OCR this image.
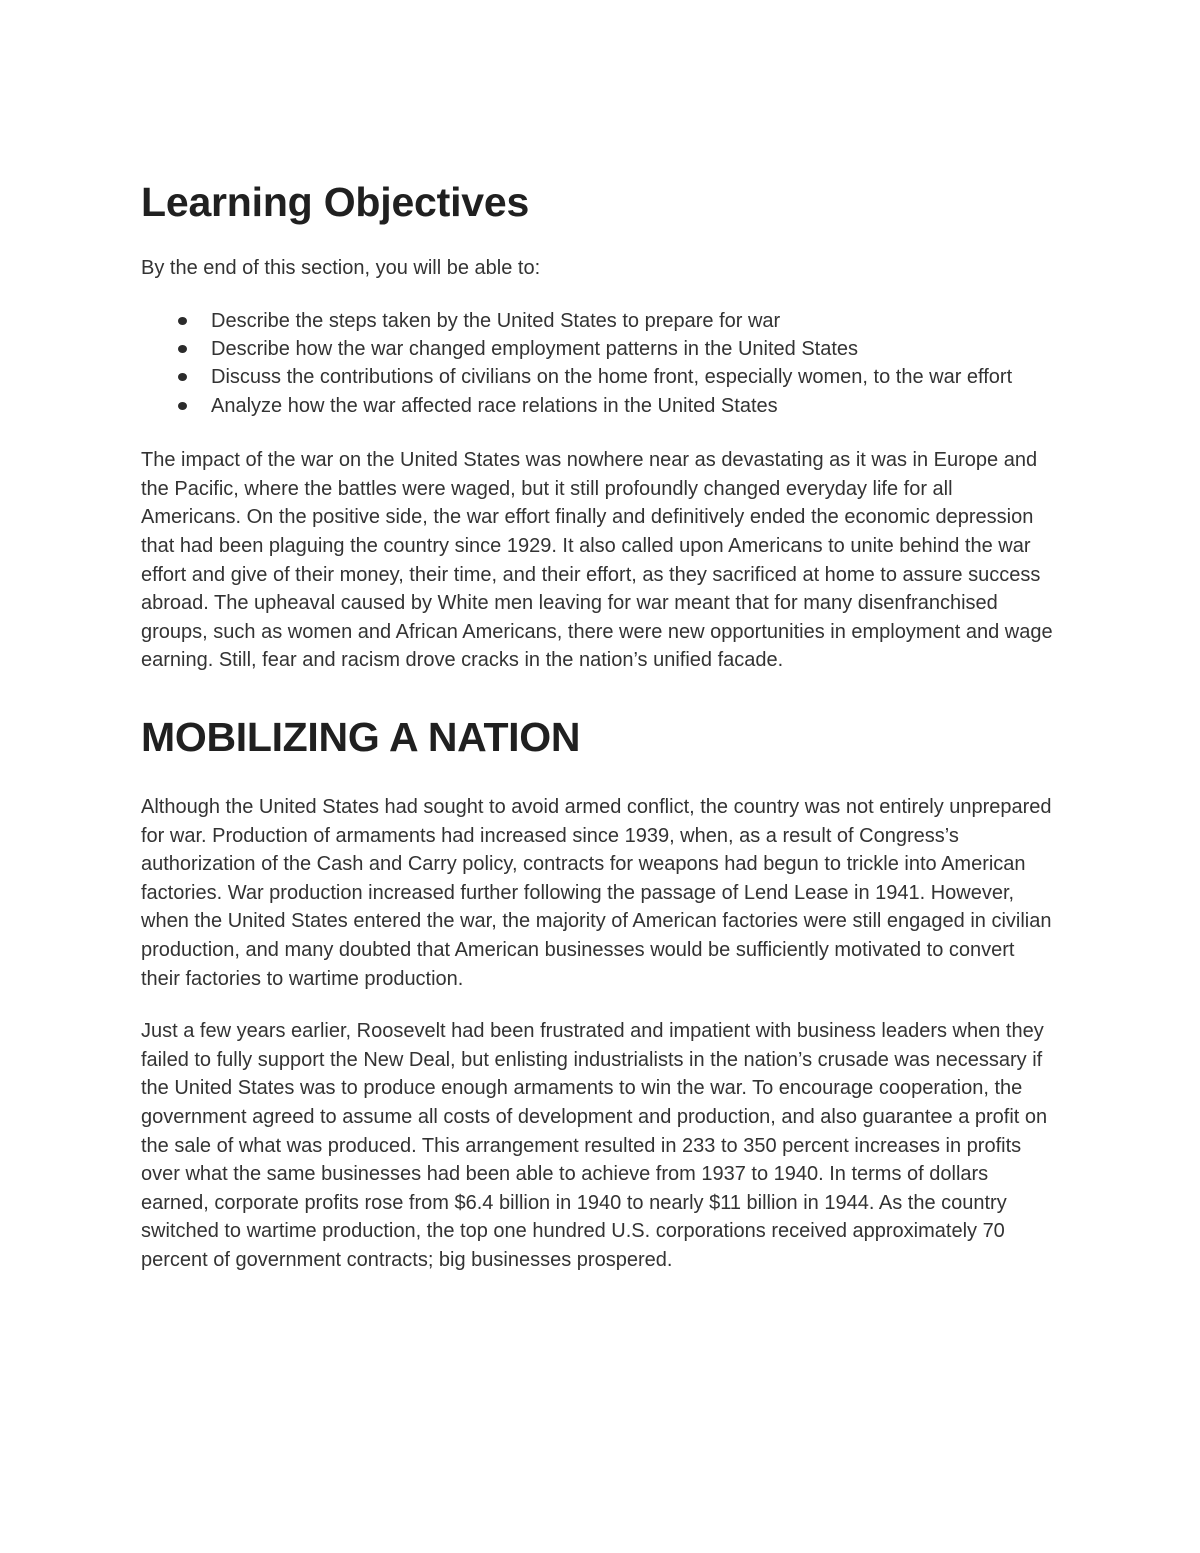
Learning Objectives

By the end of this section, you will be able to:

Describe the steps taken by the United States to prepare for war
Describe how the war changed employment patterns in the United States
Discuss the contributions of civilians on the home front, especially women, to the war effort
Analyze how the war affected race relations in the United States

The impact of the war on the United States was nowhere near as devastating as it was in Europe and the Pacific, where the battles were waged, but it still profoundly changed everyday life for all Americans. On the positive side, the war effort finally and definitively ended the economic depression that had been plaguing the country since 1929. It also called upon Americans to unite behind the war effort and give of their money, their time, and their effort, as they sacrificed at home to assure success abroad. The upheaval caused by White men leaving for war meant that for many disenfranchised groups, such as women and African Americans, there were new opportunities in employment and wage earning. Still, fear and racism drove cracks in the nation’s unified facade.

MOBILIZING A NATION

Although the United States had sought to avoid armed conflict, the country was not entirely unprepared for war. Production of armaments had increased since 1939, when, as a result of Congress’s authorization of the Cash and Carry policy, contracts for weapons had begun to trickle into American factories. War production increased further following the passage of Lend Lease in 1941. However, when the United States entered the war, the majority of American factories were still engaged in civilian production, and many doubted that American businesses would be sufficiently motivated to convert their factories to wartime production.

Just a few years earlier, Roosevelt had been frustrated and impatient with business leaders when they failed to fully support the New Deal, but enlisting industrialists in the nation’s crusade was necessary if the United States was to produce enough armaments to win the war. To encourage cooperation, the government agreed to assume all costs of development and production, and also guarantee a profit on the sale of what was produced. This arrangement resulted in 233 to 350 percent increases in profits over what the same businesses had been able to achieve from 1937 to 1940. In terms of dollars earned, corporate profits rose from $6.4 billion in 1940 to nearly $11 billion in 1944. As the country switched to wartime production, the top one hundred U.S. corporations received approximately 70 percent of government contracts; big businesses prospered.
